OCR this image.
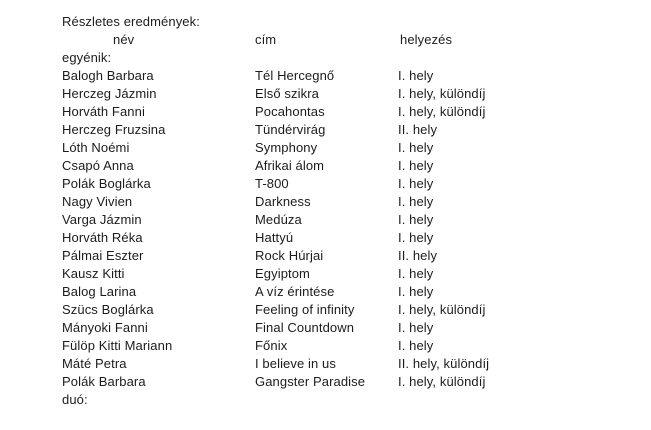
Részletes eredmények:
név	cím	helyezés
egyénik:
Balogh Barbara	Tél Hercegnő	I. hely
Herczeg Jázmin	Első szikra	I. hely, különdíj
Horváth Fanni	Pocahontas	I. hely, különdíj
Herczeg Fruzsina	Tündérvirág	II. hely
Lóth Noémi	Symphony	I. hely
Csapó Anna	Afrikai álom	I. hely
Polák Boglárka	T-800	I. hely
Nagy Vivien	Darkness	I. hely
Varga Jázmin	Medúza	I. hely
Horváth Réka	Hattyú	I. hely
Pálmai Eszter	Rock Húrjai	II. hely
Kausz Kitti	Egyiptom	I. hely
Balog Larina	A víz érintése	I. hely
Szücs Boglárka	Feeling of infinity	I. hely, különdíj
Mányoki Fanni	Final Countdown	I. hely
Fülöp Kitti Mariann	Főnix	I. hely
Máté Petra	I believe in us	II. hely, különdíj
Polák Barbara	Gangster Paradise	I. hely, különdíj
duó:
